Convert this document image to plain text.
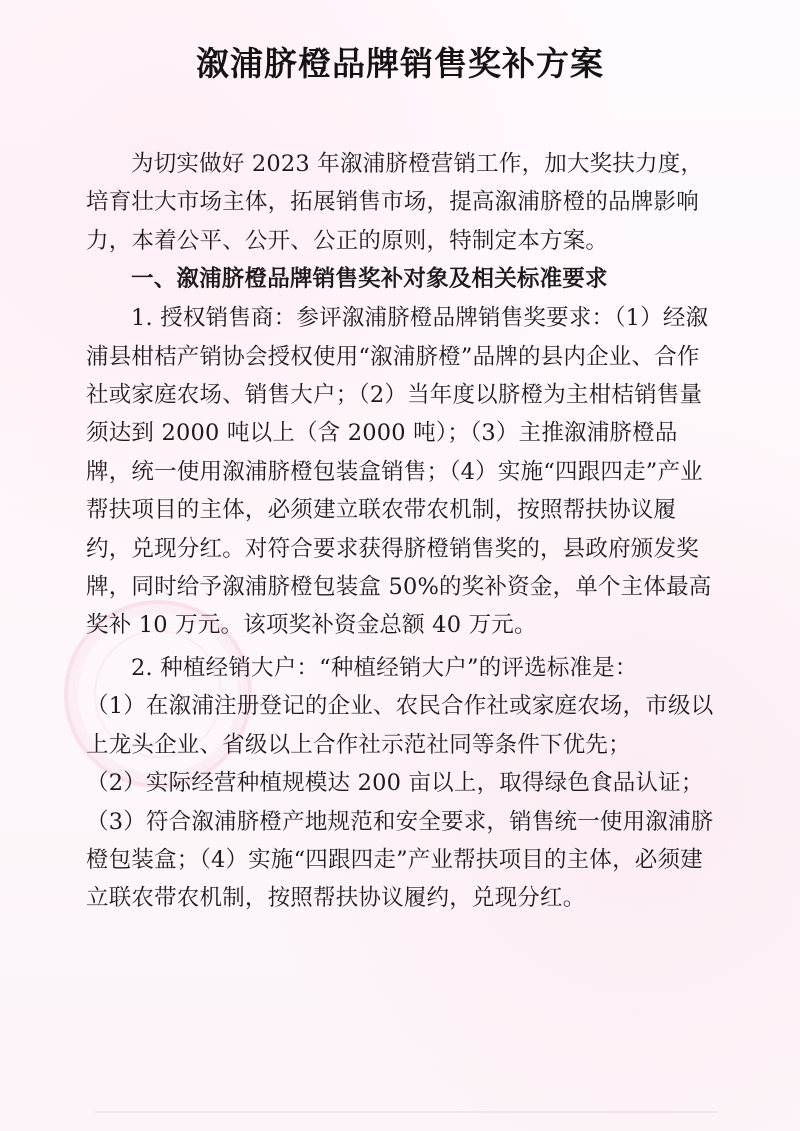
溆浦脐橙品牌销售奖补方案

为切实做好 2023 年溆浦脐橙营销工作，加大奖扶力度，培育壮大市场主体，拓展销售市场，提高溆浦脐橙的品牌影响力，本着公平、公开、公正的原则，特制定本方案。

一、溆浦脐橙品牌销售奖补对象及相关标准要求

1. 授权销售商：参评溆浦脐橙品牌销售奖要求：（1）经溆浦县柑桔产销协会授权使用“溆浦脐橙”品牌的县内企业、合作社或家庭农场、销售大户；（2）当年度以脐橙为主柑桔销售量须达到 2000 吨以上（含 2000 吨）；（3）主推溆浦脐橙品牌，统一使用溆浦脐橙包装盒销售；（4）实施“四跟四走”产业帮扶项目的主体，必须建立联农带农机制，按照帮扶协议履约，兑现分红。对符合要求获得脐橙销售奖的，县政府颁发奖牌，同时给予溆浦脐橙包装盒 50%的奖补资金，单个主体最高奖补 10 万元。该项奖补资金总额 40 万元。

2. 种植经销大户：“种植经销大户”的评选标准是：

（1）在溆浦注册登记的企业、农民合作社或家庭农场，市级以上龙头企业、省级以上合作社示范社同等条件下优先；

（2）实际经营种植规模达 200 亩以上，取得绿色食品认证；

（3）符合溆浦脐橙产地规范和安全要求，销售统一使用溆浦脐橙包装盒；（4）实施“四跟四走”产业帮扶项目的主体，必须建立联农带农机制，按照帮扶协议履约，兑现分红。
